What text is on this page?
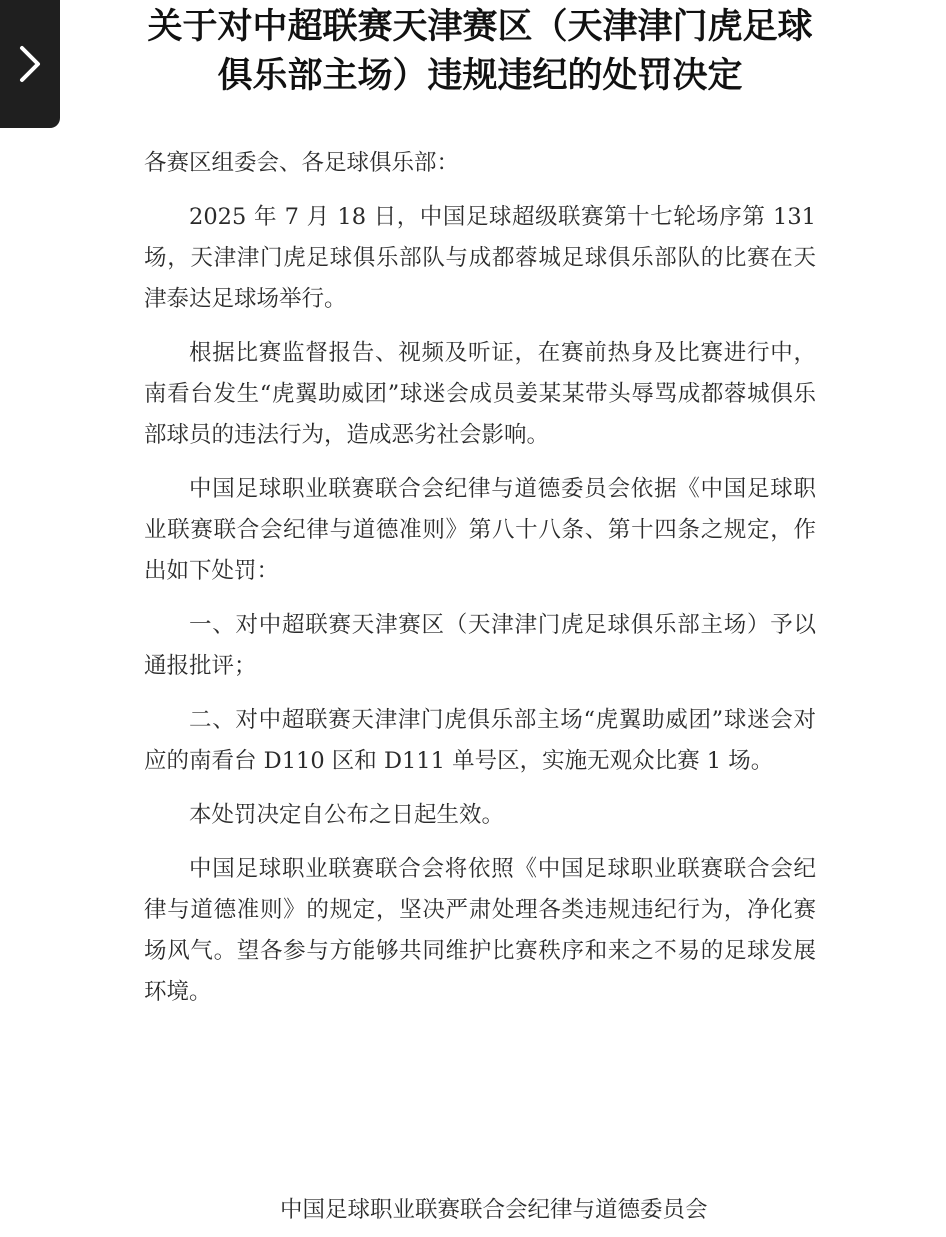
关于对中超联赛天津赛区（天津津门虎足球
俱乐部主场）违规违纪的处罚决定

各赛区组委会、各足球俱乐部：

2025 年 7 月 18 日，中国足球超级联赛第十七轮场序第 131 场，天津津门虎足球俱乐部队与成都蓉城足球俱乐部队的比赛在天津泰达足球场举行。

根据比赛监督报告、视频及听证，在赛前热身及比赛进行中，南看台发生“虎翼助威团”球迷会成员姜某某带头辱骂成都蓉城俱乐部球员的违法行为，造成恶劣社会影响。

中国足球职业联赛联合会纪律与道德委员会依据《中国足球职业联赛联合会纪律与道德准则》第八十八条、第十四条之规定，作出如下处罚：

一、对中超联赛天津赛区（天津津门虎足球俱乐部主场）予以通报批评；

二、对中超联赛天津津门虎俱乐部主场“虎翼助威团”球迷会对应的南看台 D110 区和 D111 单号区，实施无观众比赛 1 场。

本处罚决定自公布之日起生效。

中国足球职业联赛联合会将依照《中国足球职业联赛联合会纪律与道德准则》的规定，坚决严肃处理各类违规违纪行为，净化赛场风气。望各参与方能够共同维护比赛秩序和来之不易的足球发展环境。

中国足球职业联赛联合会纪律与道德委员会
